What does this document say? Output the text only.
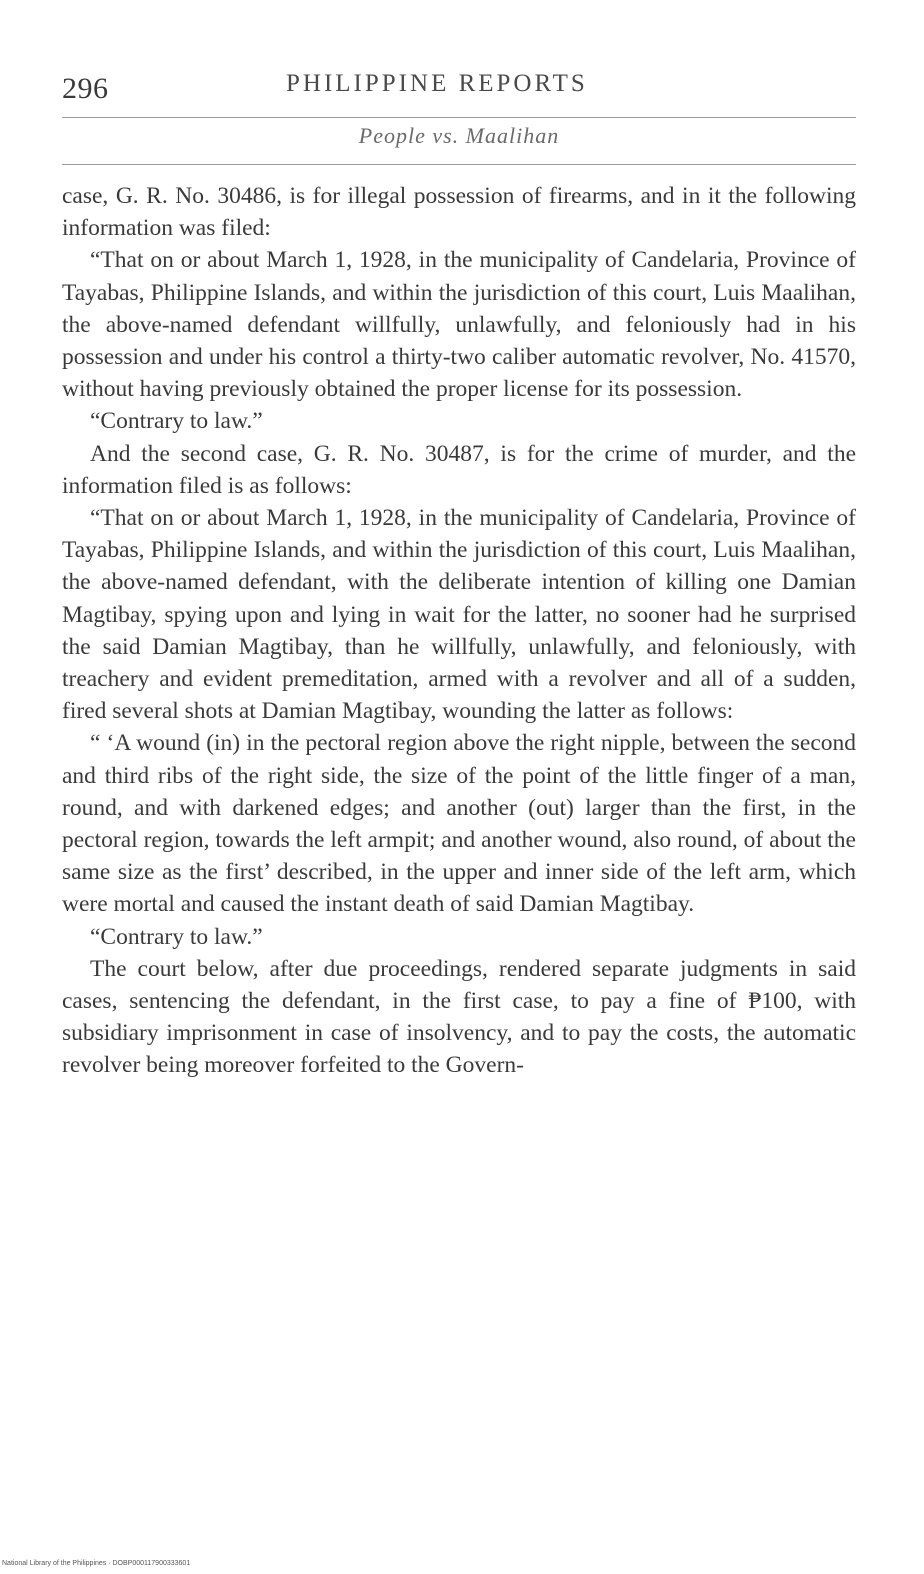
296	PHILIPPINE REPORTS
People vs. Maalihan

case, G. R. No. 30486, is for illegal possession of firearms, and in it the following information was filed:

“That on or about March 1, 1928, in the municipality of Candelaria, Province of Tayabas, Philippine Islands, and within the jurisdiction of this court, Luis Maalihan, the above-named defendant willfully, unlawfully, and feloniously had in his possession and under his control a thirty-two caliber automatic revolver, No. 41570, without having previously obtained the proper license for its possession.

“Contrary to law.”

And the second case, G. R. No. 30487, is for the crime of murder, and the information filed is as follows:

“That on or about March 1, 1928, in the municipality of Candelaria, Province of Tayabas, Philippine Islands, and within the jurisdiction of this court, Luis Maalihan, the above-named defendant, with the deliberate intention of killing one Damian Magtibay, spying upon and lying in wait for the latter, no sooner had he surprised the said Damian Magtibay, than he willfully, unlawfully, and feloniously, with treachery and evident premeditation, armed with a revolver and all of a sudden, fired several shots at Damian Magtibay, wounding the latter as follows:

“ ‘A wound (in) in the pectoral region above the right nipple, between the second and third ribs of the right side, the size of the point of the little finger of a man, round, and with darkened edges; and another (out) larger than the first, in the pectoral region, towards the left armpit; and another wound, also round, of about the same size as the first’ described, in the upper and inner side of the left arm, which were mortal and caused the instant death of said Damian Magtibay.

“Contrary to law.”

The court below, after due proceedings, rendered separate judgments in said cases, sentencing the defendant, in the first case, to pay a fine of ₱100, with subsidiary imprisonment in case of insolvency, and to pay the costs, the automatic revolver being moreover forfeited to the Govern-

National Library of the Philippines · DOBP000117900333601
